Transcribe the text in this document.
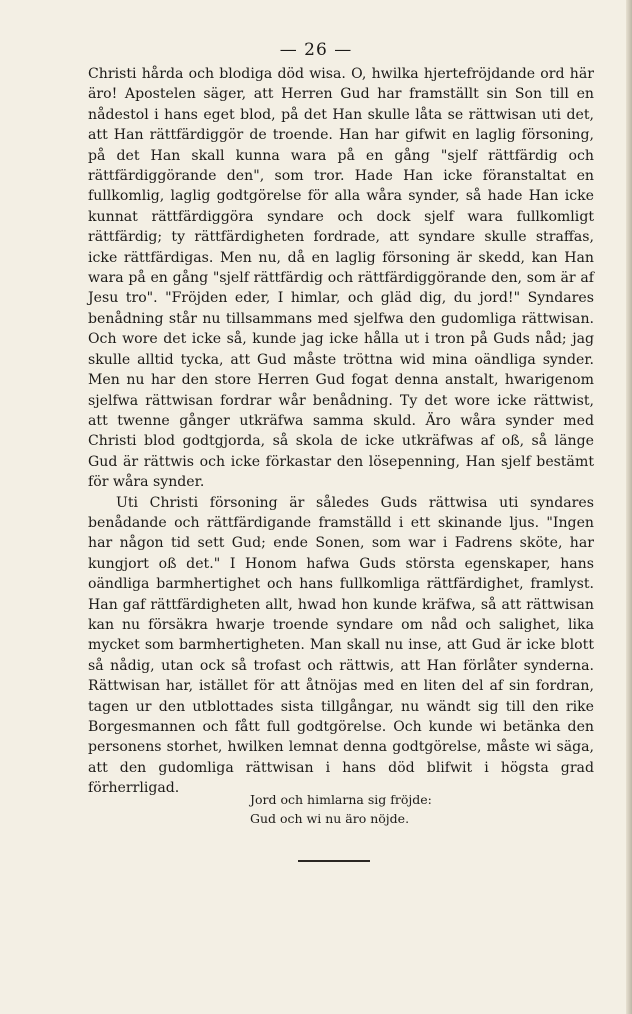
— 26 —

Christi hårda och blodiga död wisa. O, hwilka hjertefröjdande ord här äro! Apostelen säger, att Herren Gud har framställt sin Son till en nådestol i hans eget blod, på det Han skulle låta se rättwisan uti det, att Han rättfärdiggör de troende. Han har gifwit en laglig försoning, på det Han skall kunna wara på en gång "sjelf rättfärdig och rättfärdiggörande den", som tror. Hade Han icke föranstaltat en fullkomlig, laglig godtgörelse för alla wåra synder, så hade Han icke kunnat rättfärdiggöra syndare och dock sjelf wara fullkomligt rättfärdig; ty rättfärdigheten fordrade, att syndare skulle straffas, icke rättfärdigas. Men nu, då en laglig försoning är skedd, kan Han wara på en gång "sjelf rättfärdig och rättfärdiggörande den, som är af Jesu tro". "Fröjden eder, I himlar, och gläd dig, du jord!" Syndares benådning står nu tillsammans med sjelfwa den gudomliga rättwisan. Och wore det icke så, kunde jag icke hålla ut i tron på Guds nåd; jag skulle alltid tycka, att Gud måste tröttna wid mina oändliga synder. Men nu har den store Herren Gud fogat denna anstalt, hwarigenom sjelfwa rättwisan fordrar wår benådning. Ty det wore icke rättwist, att twenne gånger utkräfwa samma skuld. Äro wåra synder med Christi blod godtgjorda, så skola de icke utkräfwas af oß, så länge Gud är rättwis och icke förkastar den lösepenning, Han sjelf bestämt för wåra synder.

Uti Christi försoning är således Guds rättwisa uti syndares benådande och rättfärdigande framställd i ett skinande ljus. "Ingen har någon tid sett Gud; ende Sonen, som war i Fadrens sköte, har kungjort oß det." I Honom hafwa Guds största egenskaper, hans oändliga barmhertighet och hans fullkomliga rättfärdighet, framlyst. Han gaf rättfärdigheten allt, hwad hon kunde kräfwa, så att rättwisan kan nu försäkra hwarje troende syndare om nåd och salighet, lika mycket som barmhertigheten. Man skall nu inse, att Gud är icke blott så nådig, utan ock så trofast och rättwis, att Han förlåter synderna. Rättwisan har, istället för att åtnöjas med en liten del af sin fordran, tagen ur den utblottades sista tillgångar, nu wändt sig till den rike Borgesmannen och fått full godtgörelse. Och kunde wi betänka den personens storhet, hwilken lemnat denna godtgörelse, måste wi säga, att den gudomliga rättwisan i hans död blifwit i högsta grad förherrligad.

Jord och himlarna sig fröjde:
Gud och wi nu äro nöjde.
